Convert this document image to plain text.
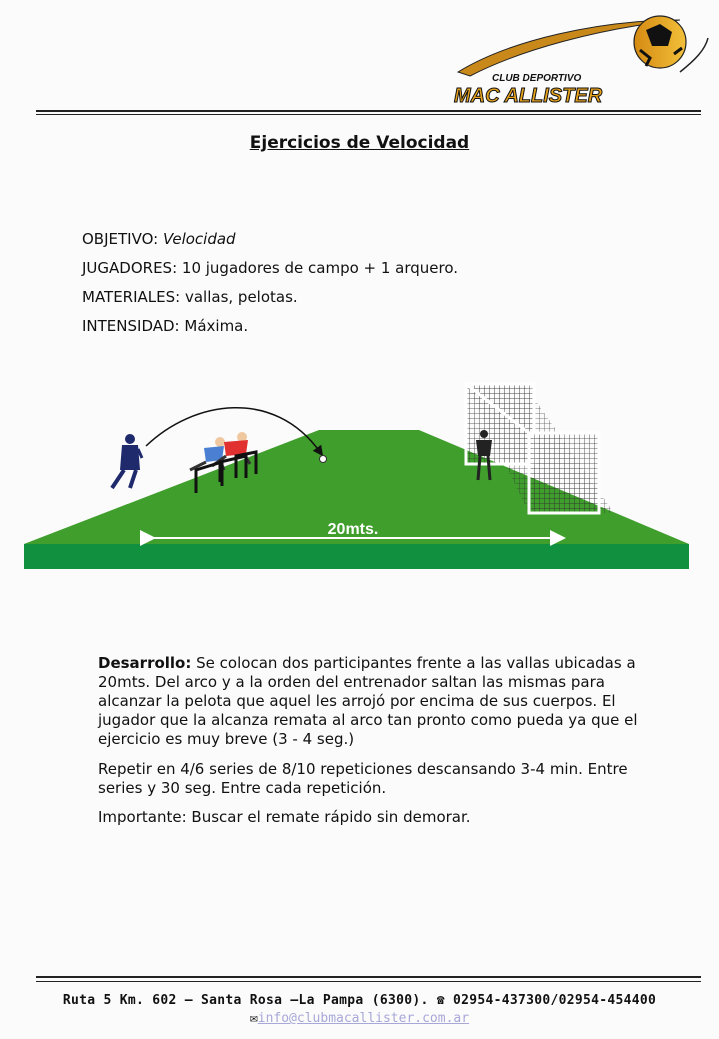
CLUB DEPORTIVO
MAC ALLISTER
Ejercicios de Velocidad
OBJETIVO: Velocidad
JUGADORES: 10 jugadores de campo + 1 arquero.
MATERIALES: vallas, pelotas.
INTENSIDAD: Máxima.
20mts.
Desarrollo: Se colocan dos participantes frente a las vallas ubicadas a 20mts. Del arco y a la orden del entrenador saltan las mismas para alcanzar la pelota que aquel les arrojó por encima de sus cuerpos. El jugador que la alcanza remata al arco tan pronto como pueda ya que el ejercicio es muy breve (3 - 4 seg.)
Repetir en 4/6 series de 8/10 repeticiones descansando 3-4 min. Entre series y 30 seg. Entre cada repetición.
Importante: Buscar el remate rápido sin demorar.
Ruta 5 Km. 602 – Santa Rosa –La Pampa (6300). ☎ 02954-437300/02954-454400
✉info@clubmacallister.com.ar
